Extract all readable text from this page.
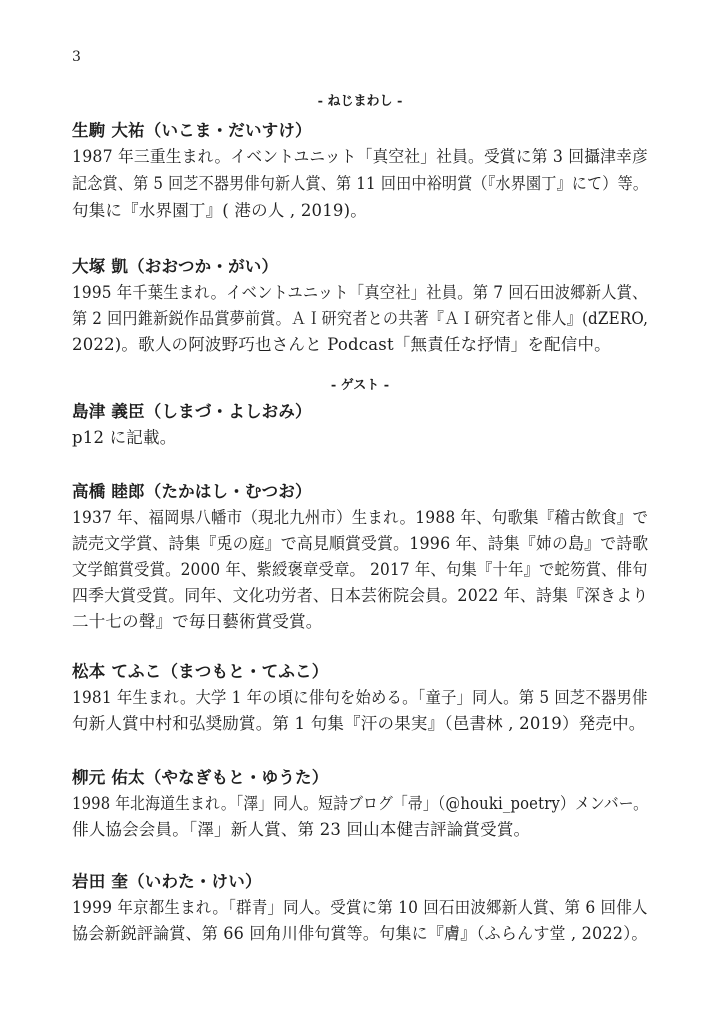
3
- ねじまわし -
生駒 大祐（いこま・だいすけ）
1987 年三重生まれ。イベントユニット「真空社」社員。受賞に第 3 回攝津幸彦
記念賞、第 5 回芝不器男俳句新人賞、第 11 回田中裕明賞（『水界園丁』にて）等。
句集に『水界園丁』( 港の人 , 2019)。
大塚 凱（おおつか・がい）
1995 年千葉生まれ。イベントユニット「真空社」社員。第 7 回石田波郷新人賞、
第 2 回円錐新鋭作品賞夢前賞。ＡＩ研究者との共著『ＡＩ研究者と俳人』(dZERO,
2022)。歌人の阿波野巧也さんと Podcast「無責任な抒情」を配信中。
- ゲスト -
島津 義臣（しまづ・よしおみ）
p12 に記載。
高橋 睦郎（たかはし・むつお）
1937 年、福岡県八幡市（現北九州市）生まれ。1988 年、句歌集『稽古飲食』で
読売文学賞、詩集『兎の庭』で高見順賞受賞。1996 年、詩集『姉の島』で詩歌
文学館賞受賞。2000 年、紫綬褒章受章。 2017 年、句集『十年』で蛇笏賞、俳句
四季大賞受賞。同年、文化功労者、日本芸術院会員。2022 年、詩集『深きより
二十七の聲』で毎日藝術賞受賞。
松本 てふこ（まつもと・てふこ）
1981 年生まれ。大学 1 年の頃に俳句を始める。「童子」同人。第 5 回芝不器男俳
句新人賞中村和弘奨励賞。第 1 句集『汗の果実』（邑書林 , 2019）発売中。
柳元 佑太（やなぎもと・ゆうた）
1998 年北海道生まれ。「澤」同人。短詩ブログ「帚」（@houki_poetry）メンバー。
俳人協会会員。「澤」新人賞、第 23 回山本健吉評論賞受賞。
岩田 奎（いわた・けい）
1999 年京都生まれ。「群青」同人。受賞に第 10 回石田波郷新人賞、第 6 回俳人
協会新鋭評論賞、第 66 回角川俳句賞等。句集に『膚』（ふらんす堂 , 2022）。
